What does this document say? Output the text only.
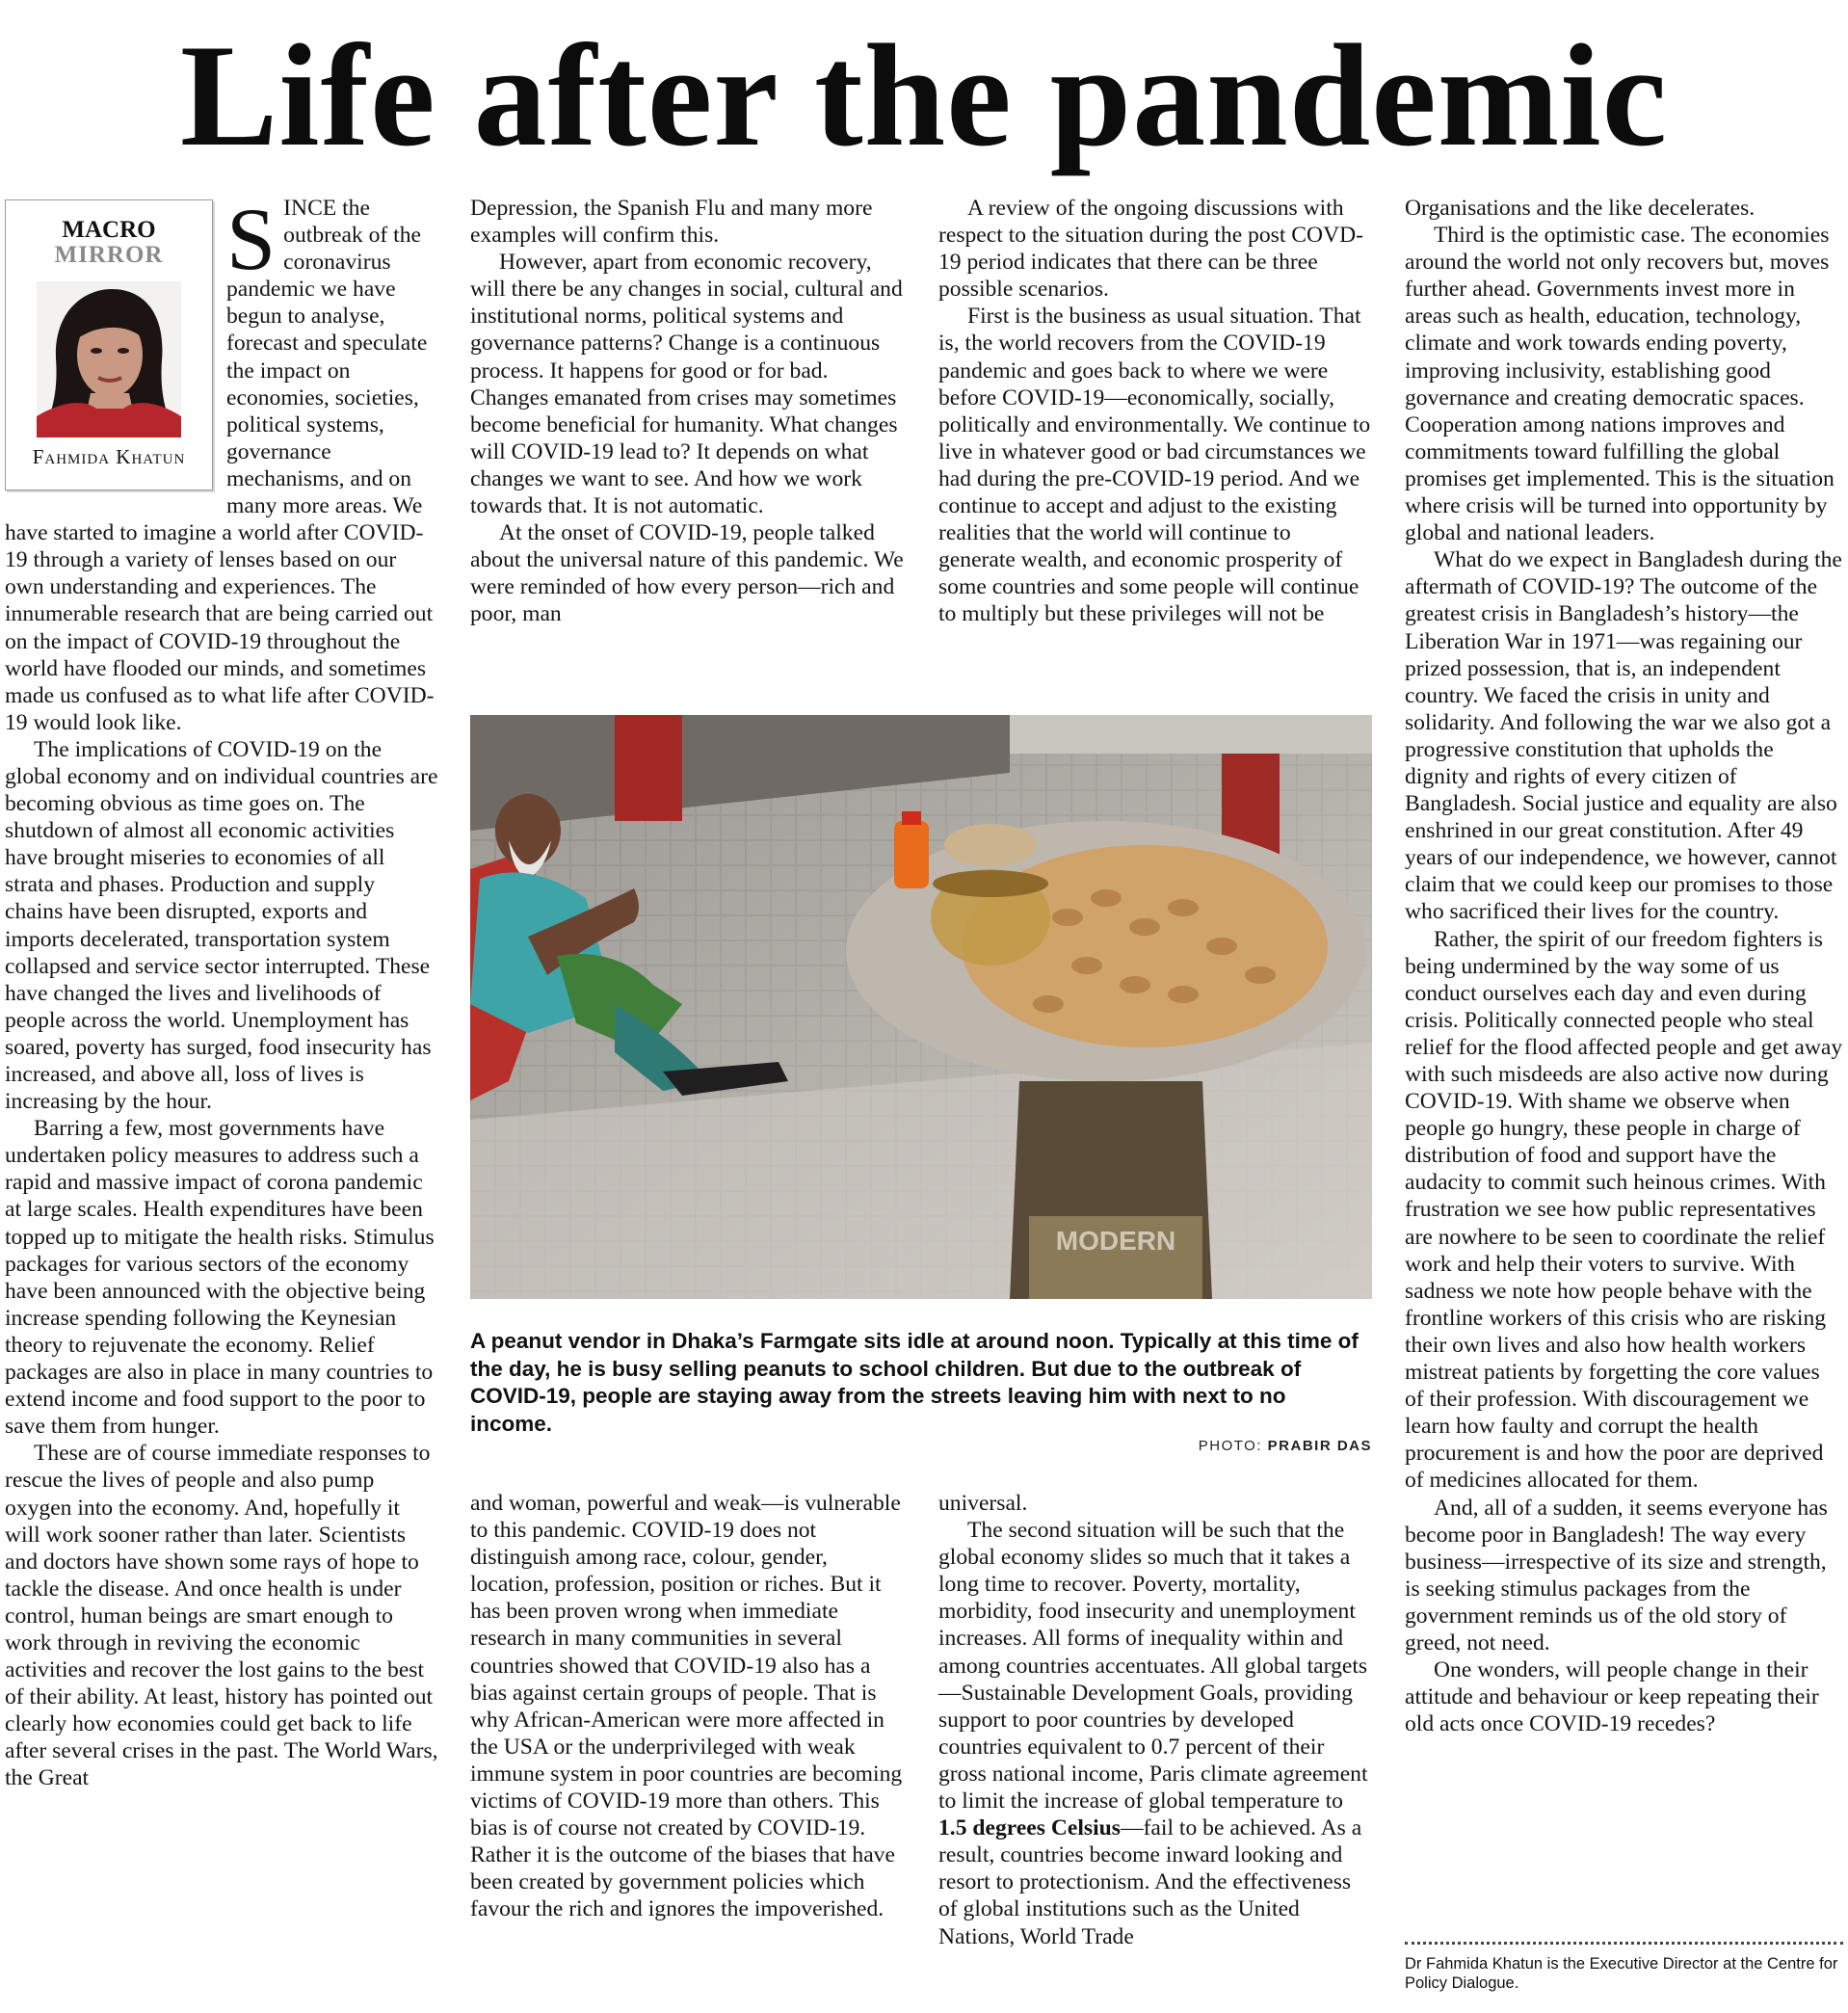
Life after the pandemic
MACRO
MIRROR
Fahmida Khatun

SINCE the outbreak of the coronavirus pandemic we have begun to analyse, forecast and speculate the impact on economies, societies, political systems, governance mechanisms, and on many more areas. We have started to imagine a world after COVID-19 through a variety of lenses based on our own understanding and experiences. The innumerable research that are being carried out on the impact of COVID-19 throughout the world have flooded our minds, and sometimes made us confused as to what life after COVID-19 would look like.

The implications of COVID-19 on the global economy and on individual countries are becoming obvious as time goes on. The shutdown of almost all economic activities have brought miseries to economies of all strata and phases. Production and supply chains have been disrupted, exports and imports decelerated, transportation system collapsed and service sector interrupted. These have changed the lives and livelihoods of people across the world. Unemployment has soared, poverty has surged, food insecurity has increased, and above all, loss of lives is increasing by the hour.

Barring a few, most governments have undertaken policy measures to address such a rapid and massive impact of corona pandemic at large scales. Health expenditures have been topped up to mitigate the health risks. Stimulus packages for various sectors of the economy have been announced with the objective being increase spending following the Keynesian theory to rejuvenate the economy. Relief packages are also in place in many countries to extend income and food support to the poor to save them from hunger.

These are of course immediate responses to rescue the lives of people and also pump oxygen into the economy. And, hopefully it will work sooner rather than later. Scientists and doctors have shown some rays of hope to tackle the disease. And once health is under control, human beings are smart enough to work through in reviving the economic activities and recover the lost gains to the best of their ability. At least, history has pointed out clearly how economies could get back to life after several crises in the past. The World Wars, the Great

Depression, the Spanish Flu and many more examples will confirm this.

However, apart from economic recovery, will there be any changes in social, cultural and institutional norms, political systems and governance patterns? Change is a continuous process. It happens for good or for bad. Changes emanated from crises may sometimes become beneficial for humanity. What changes will COVID-19 lead to? It depends on what changes we want to see. And how we work towards that. It is not automatic.

At the onset of COVID-19, people talked about the universal nature of this pandemic. We were reminded of how every person—rich and poor, man

A review of the ongoing discussions with respect to the situation during the post COVD-19 period indicates that there can be three possible scenarios.

First is the business as usual situation. That is, the world recovers from the COVID-19 pandemic and goes back to where we were before COVID-19—economically, socially, politically and environmentally. We continue to live in whatever good or bad circumstances we had during the pre-COVID-19 period. And we continue to accept and adjust to the existing realities that the world will continue to generate wealth, and economic prosperity of some countries and some people will continue to multiply but these privileges will not be

MODERN
A peanut vendor in Dhaka’s Farmgate sits idle at around noon. Typically at this time of the day, he is busy selling peanuts to school children. But due to the outbreak of COVID-19, people are staying away from the streets leaving him with next to no income.
PHOTO: PRABIR DAS

and woman, powerful and weak—is vulnerable to this pandemic. COVID-19 does not distinguish among race, colour, gender, location, profession, position or riches. But it has been proven wrong when immediate research in many communities in several countries showed that COVID-19 also has a bias against certain groups of people. That is why African-American were more affected in the USA or the underprivileged with weak immune system in poor countries are becoming victims of COVID-19 more than others. This bias is of course not created by COVID-19. Rather it is the outcome of the biases that have been created by government policies which favour the rich and ignores the impoverished.

universal.

The second situation will be such that the global economy slides so much that it takes a long time to recover. Poverty, mortality, morbidity, food insecurity and unemployment increases. All forms of inequality within and among countries accentuates. All global targets—Sustainable Development Goals, providing support to poor countries by developed countries equivalent to 0.7 percent of their gross national income, Paris climate agreement to limit the increase of global temperature to 1.5 degrees Celsius—fail to be achieved. As a result, countries become inward looking and resort to protectionism. And the effectiveness of global institutions such as the United Nations, World Trade

Organisations and the like decelerates.

Third is the optimistic case. The economies around the world not only recovers but, moves further ahead. Governments invest more in areas such as health, education, technology, climate and work towards ending poverty, improving inclusivity, establishing good governance and creating democratic spaces. Cooperation among nations improves and commitments toward fulfilling the global promises get implemented. This is the situation where crisis will be turned into opportunity by global and national leaders.

What do we expect in Bangladesh during the aftermath of COVID-19? The outcome of the greatest crisis in Bangladesh’s history—the Liberation War in 1971—was regaining our prized possession, that is, an independent country. We faced the crisis in unity and solidarity. And following the war we also got a progressive constitution that upholds the dignity and rights of every citizen of Bangladesh. Social justice and equality are also enshrined in our great constitution. After 49 years of our independence, we however, cannot claim that we could keep our promises to those who sacrificed their lives for the country.

Rather, the spirit of our freedom fighters is being undermined by the way some of us conduct ourselves each day and even during crisis. Politically connected people who steal relief for the flood affected people and get away with such misdeeds are also active now during COVID-19. With shame we observe when people go hungry, these people in charge of distribution of food and support have the audacity to commit such heinous crimes. With frustration we see how public representatives are nowhere to be seen to coordinate the relief work and help their voters to survive. With sadness we note how people behave with the frontline workers of this crisis who are risking their own lives and also how health workers mistreat patients by forgetting the core values of their profession. With discouragement we learn how faulty and corrupt the health procurement is and how the poor are deprived of medicines allocated for them.

And, all of a sudden, it seems everyone has become poor in Bangladesh! The way every business—irrespective of its size and strength, is seeking stimulus packages from the government reminds us of the old story of greed, not need.

One wonders, will people change in their attitude and behaviour or keep repeating their old acts once COVID-19 recedes?

Dr Fahmida Khatun is the Executive Director at the Centre for Policy Dialogue.
